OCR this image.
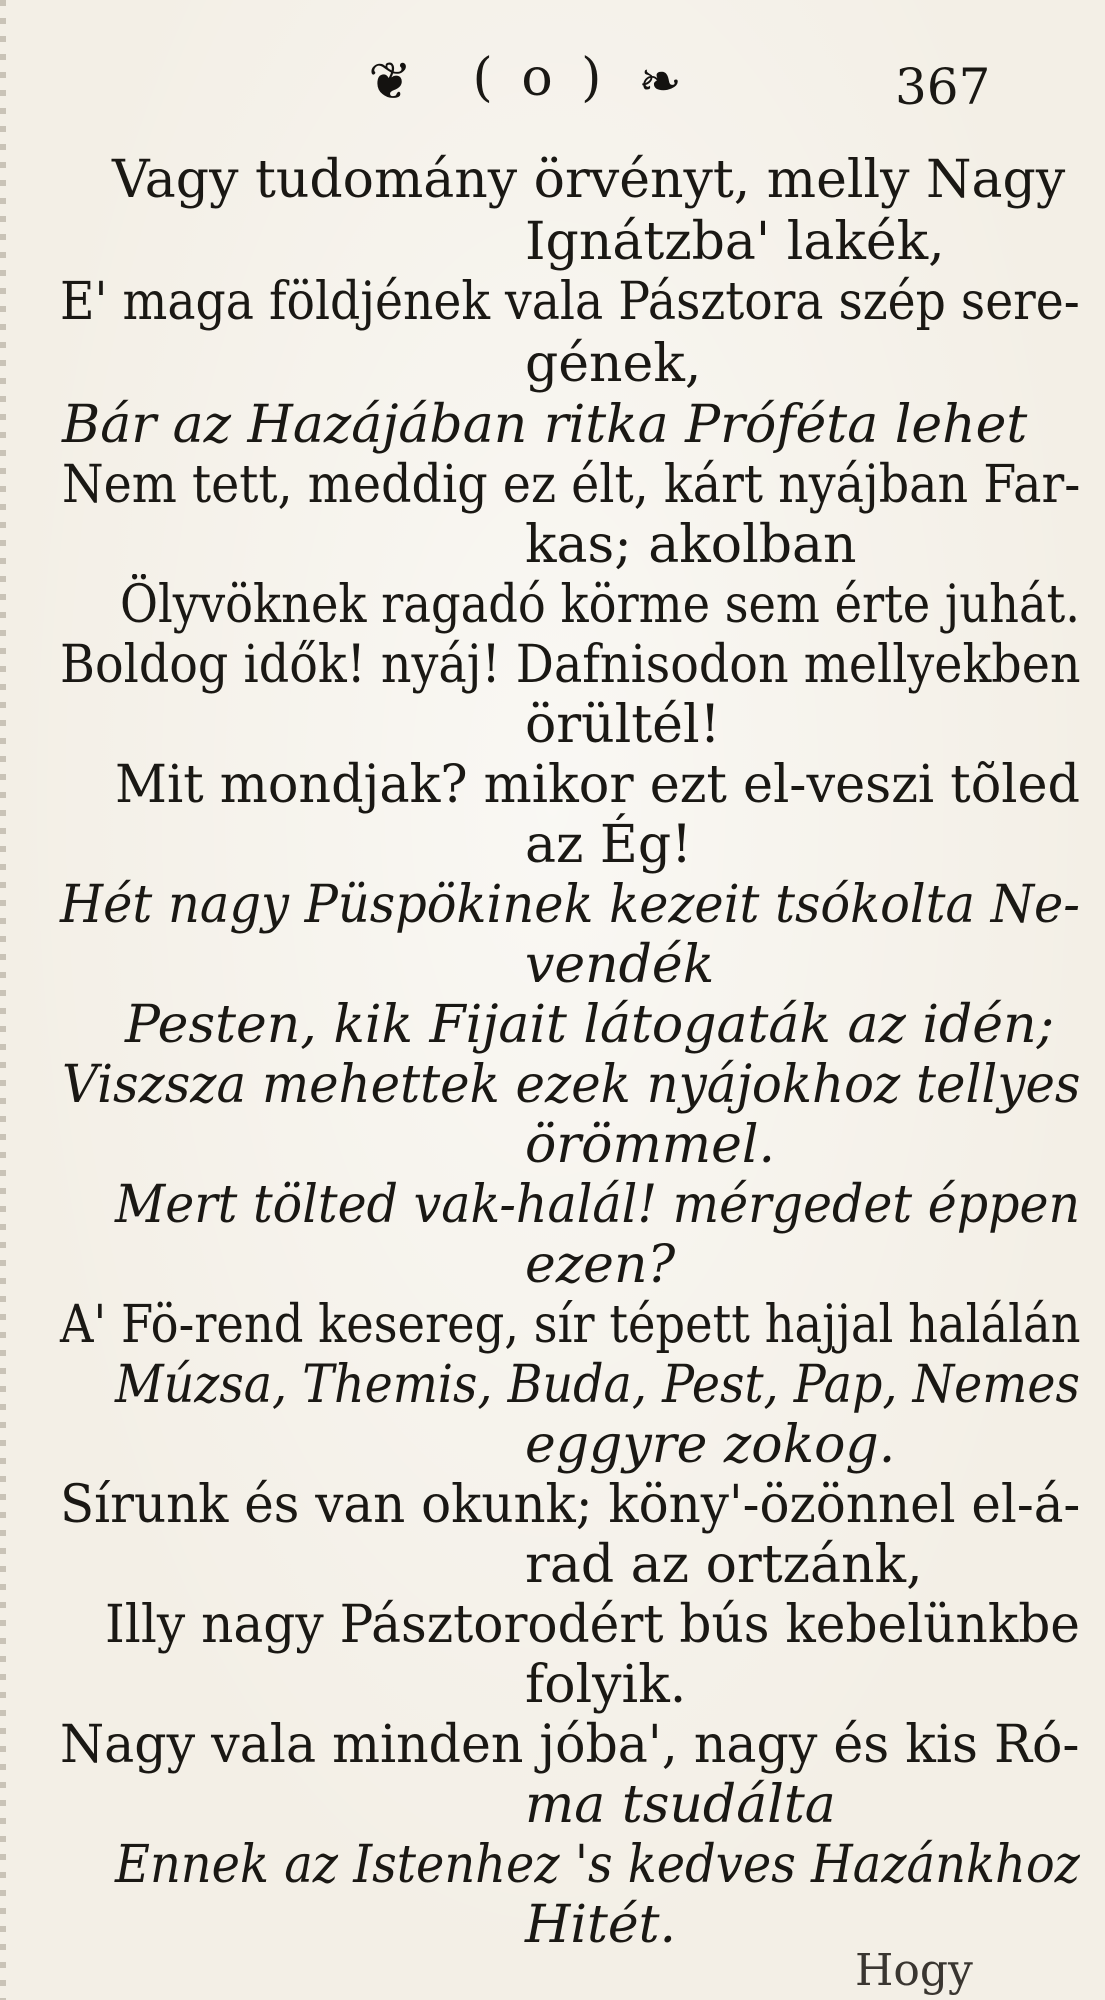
❦ ( o ) ❧	367
Vagy tudomány örvényt, melly Nagy
Ignátzba' lakék,
E' maga földjének vala Pásztora szép sere-
gének,
Bár az Hazájában ritka Próféta lehet
Nem tett, meddig ez élt, kárt nyájban Far-
kas; akolban
Ölyvöknek ragadó körme sem érte juhát.
Boldog idők! nyáj! Dafnisodon mellyekben
örültél!
Mit mondjak? mikor ezt el-veszi tõled
az Ég!
Hét nagy Püspökinek kezeit tsókolta Ne-
vendék
Pesten, kik Fijait látogaták az idén;
Viszsza mehettek ezek nyájokhoz tellyes
örömmel.
Mert tölted vak-halál! mérgedet éppen
ezen?
A' Fö-rend kesereg, sír tépett hajjal halálán
Múzsa, Themis, Buda, Pest, Pap, Nemes
eggyre zokog.
Sírunk és van okunk; köny'-özönnel el-á-
rad az ortzánk,
Illy nagy Pásztorodért bús kebelünkbe
folyik.
Nagy vala minden jóba', nagy és kis Ró-
ma tsudálta
Ennek az Istenhez 's kedves Hazánkhoz
Hitét.
Hogy
